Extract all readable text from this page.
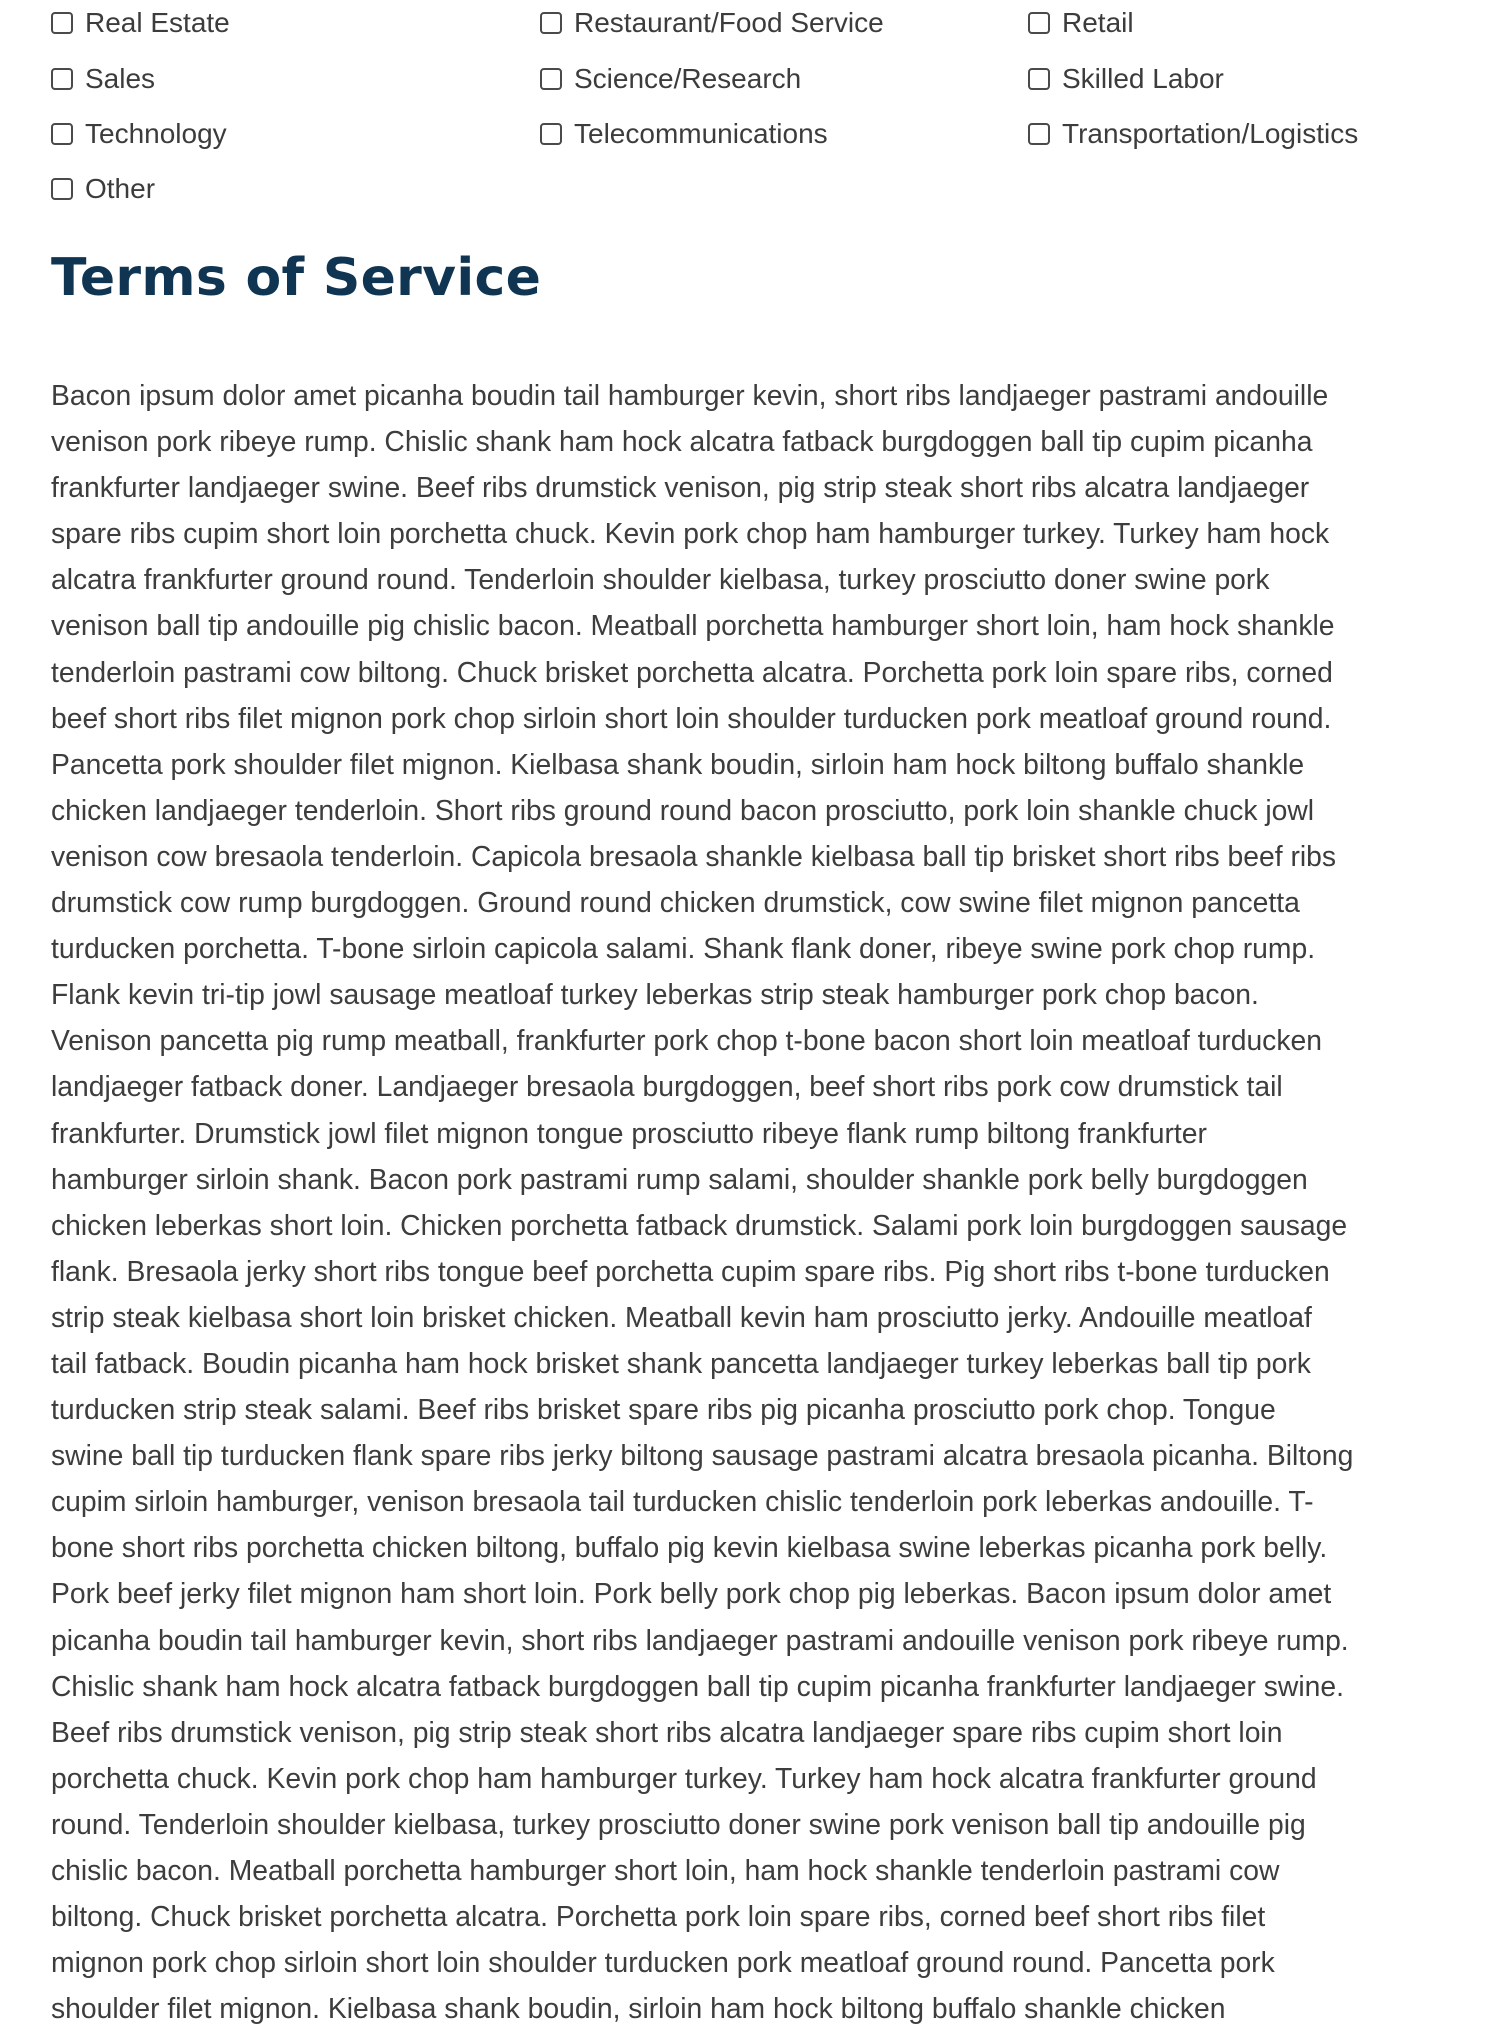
Real Estate	Restaurant/Food Service	Retail
Sales	Science/Research	Skilled Labor
Technology	Telecommunications	Transportation/Logistics
Other
Terms of Service

Bacon ipsum dolor amet picanha boudin tail hamburger kevin, short ribs landjaeger pastrami andouille
venison pork ribeye rump. Chislic shank ham hock alcatra fatback burgdoggen ball tip cupim picanha
frankfurter landjaeger swine. Beef ribs drumstick venison, pig strip steak short ribs alcatra landjaeger
spare ribs cupim short loin porchetta chuck. Kevin pork chop ham hamburger turkey. Turkey ham hock
alcatra frankfurter ground round. Tenderloin shoulder kielbasa, turkey prosciutto doner swine pork
venison ball tip andouille pig chislic bacon. Meatball porchetta hamburger short loin, ham hock shankle
tenderloin pastrami cow biltong. Chuck brisket porchetta alcatra. Porchetta pork loin spare ribs, corned
beef short ribs filet mignon pork chop sirloin short loin shoulder turducken pork meatloaf ground round.
Pancetta pork shoulder filet mignon. Kielbasa shank boudin, sirloin ham hock biltong buffalo shankle
chicken landjaeger tenderloin. Short ribs ground round bacon prosciutto, pork loin shankle chuck jowl
venison cow bresaola tenderloin. Capicola bresaola shankle kielbasa ball tip brisket short ribs beef ribs
drumstick cow rump burgdoggen. Ground round chicken drumstick, cow swine filet mignon pancetta
turducken porchetta. T-bone sirloin capicola salami. Shank flank doner, ribeye swine pork chop rump.
Flank kevin tri-tip jowl sausage meatloaf turkey leberkas strip steak hamburger pork chop bacon.
Venison pancetta pig rump meatball, frankfurter pork chop t-bone bacon short loin meatloaf turducken
landjaeger fatback doner. Landjaeger bresaola burgdoggen, beef short ribs pork cow drumstick tail
frankfurter. Drumstick jowl filet mignon tongue prosciutto ribeye flank rump biltong frankfurter
hamburger sirloin shank. Bacon pork pastrami rump salami, shoulder shankle pork belly burgdoggen
chicken leberkas short loin. Chicken porchetta fatback drumstick. Salami pork loin burgdoggen sausage
flank. Bresaola jerky short ribs tongue beef porchetta cupim spare ribs. Pig short ribs t-bone turducken
strip steak kielbasa short loin brisket chicken. Meatball kevin ham prosciutto jerky. Andouille meatloaf
tail fatback. Boudin picanha ham hock brisket shank pancetta landjaeger turkey leberkas ball tip pork
turducken strip steak salami. Beef ribs brisket spare ribs pig picanha prosciutto pork chop. Tongue
swine ball tip turducken flank spare ribs jerky biltong sausage pastrami alcatra bresaola picanha. Biltong
cupim sirloin hamburger, venison bresaola tail turducken chislic tenderloin pork leberkas andouille. T-
bone short ribs porchetta chicken biltong, buffalo pig kevin kielbasa swine leberkas picanha pork belly.
Pork beef jerky filet mignon ham short loin. Pork belly pork chop pig leberkas. Bacon ipsum dolor amet
picanha boudin tail hamburger kevin, short ribs landjaeger pastrami andouille venison pork ribeye rump.
Chislic shank ham hock alcatra fatback burgdoggen ball tip cupim picanha frankfurter landjaeger swine.
Beef ribs drumstick venison, pig strip steak short ribs alcatra landjaeger spare ribs cupim short loin
porchetta chuck. Kevin pork chop ham hamburger turkey. Turkey ham hock alcatra frankfurter ground
round. Tenderloin shoulder kielbasa, turkey prosciutto doner swine pork venison ball tip andouille pig
chislic bacon. Meatball porchetta hamburger short loin, ham hock shankle tenderloin pastrami cow
biltong. Chuck brisket porchetta alcatra. Porchetta pork loin spare ribs, corned beef short ribs filet
mignon pork chop sirloin short loin shoulder turducken pork meatloaf ground round. Pancetta pork
shoulder filet mignon. Kielbasa shank boudin, sirloin ham hock biltong buffalo shankle chicken
